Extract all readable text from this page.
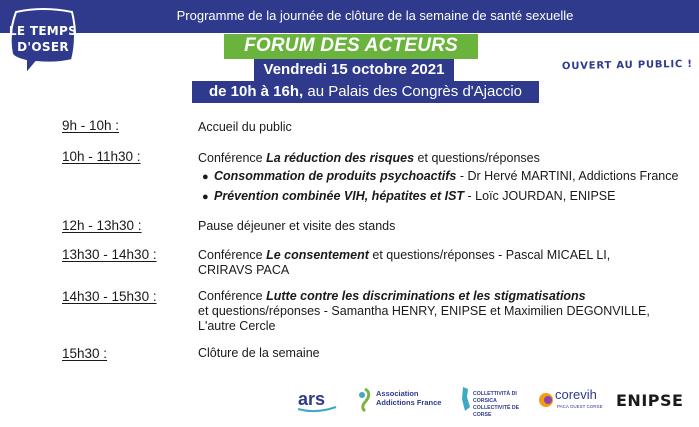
Programme de la journée de clôture de la semaine de santé sexuelle
LE TEMPS
D'OSER	FORUM DES ACTEURS
Vendredi 15 octobre 2021
de 10h à 16h, au Palais des Congrès d'Ajaccio
OUVERT AU PUBLIC !
9h - 10h :	Accueil du public
10h - 11h30 :	Conférence La réduction des risques et questions/réponses
● Consommation de produits psychoactifs - Dr Hervé MARTINI, Addictions France
● Prévention combinée VIH, hépatites et IST - Loïc JOURDAN, ENIPSE
12h - 13h30 :	Pause déjeuner et visite des stands
13h30 - 14h30 :	Conférence Le consentement et questions/réponses - Pascal MICAEL LI,
CRIRAVS PACA
14h30 - 15h30 :	Conférence Lutte contre les discriminations et les stigmatisations
et questions/réponses - Samantha HENRY, ENIPSE et Maximilien DEGONVILLE,
L'autre Cercle
15h30 :	Clôture de la semaine
ars	Association
Addictions France
COLLETTIVITÀ DI CORSICA
COLLECTIVITÉ DE CORSE
corevih
PACA OUEST CORSE ENIPSE
